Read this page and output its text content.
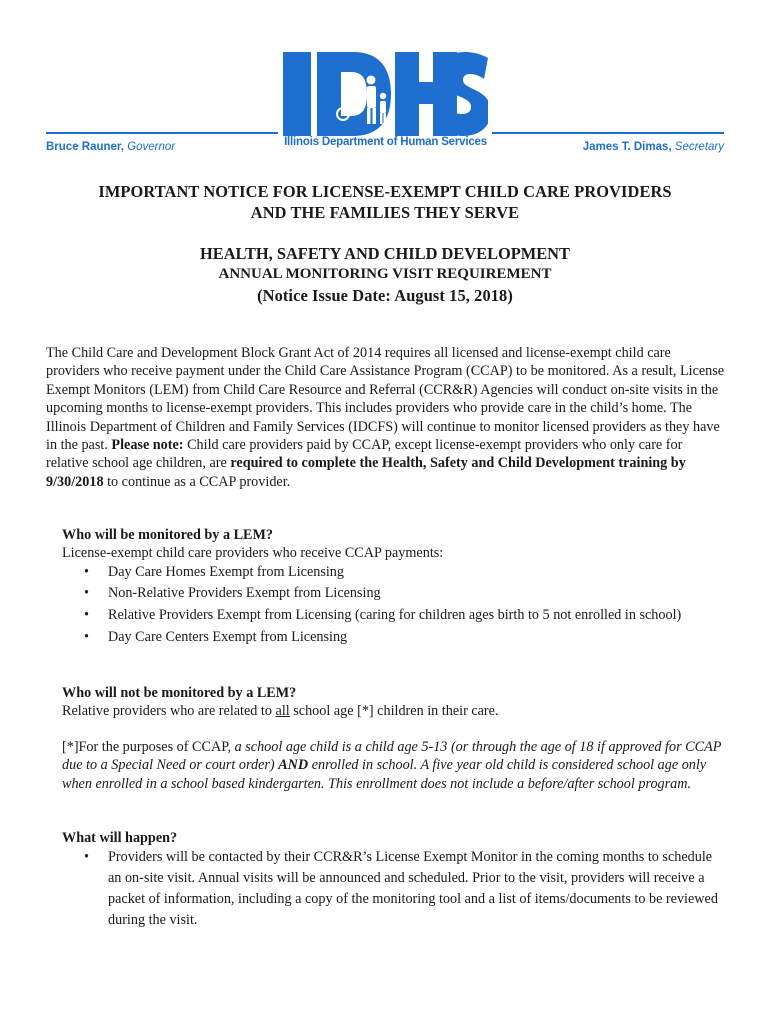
Bruce Rauner, Governor	James T. Dimas, Secretary
Illinois Department of Human Services
IMPORTANT NOTICE FOR LICENSE-EXEMPT CHILD CARE PROVIDERS
AND THE FAMILIES THEY SERVE
HEALTH, SAFETY AND CHILD DEVELOPMENT
ANNUAL MONITORING VISIT REQUIREMENT
(Notice Issue Date: August 15, 2018)
The Child Care and Development Block Grant Act of 2014 requires all licensed and license-exempt child care providers who receive payment under the Child Care Assistance Program (CCAP) to be monitored. As a result, License Exempt Monitors (LEM) from Child Care Resource and Referral (CCR&R) Agencies will conduct on-site visits in the upcoming months to license-exempt providers. This includes providers who provide care in the child’s home. The Illinois Department of Children and Family Services (IDCFS) will continue to monitor licensed providers as they have in the past. Please note: Child care providers paid by CCAP, except license-exempt providers who only care for relative school age children, are required to complete the Health, Safety and Child Development training by 9/30/2018 to continue as a CCAP provider.
Who will be monitored by a LEM?
License-exempt child care providers who receive CCAP payments:
• Day Care Homes Exempt from Licensing
• Non-Relative Providers Exempt from Licensing
• Relative Providers Exempt from Licensing (caring for children ages birth to 5 not enrolled in school)
• Day Care Centers Exempt from Licensing
Who will not be monitored by a LEM?
Relative providers who are related to all school age [*] children in their care.
[*]For the purposes of CCAP, a school age child is a child age 5-13 (or through the age of 18 if approved for CCAP due to a Special Need or court order) AND enrolled in school. A five year old child is considered school age only when enrolled in a school based kindergarten. This enrollment does not include a before/after school program.
What will happen?
• Providers will be contacted by their CCR&R’s License Exempt Monitor in the coming months to schedule an on-site visit. Annual visits will be announced and scheduled. Prior to the visit, providers will receive a packet of information, including a copy of the monitoring tool and a list of items/documents to be reviewed during the visit.
